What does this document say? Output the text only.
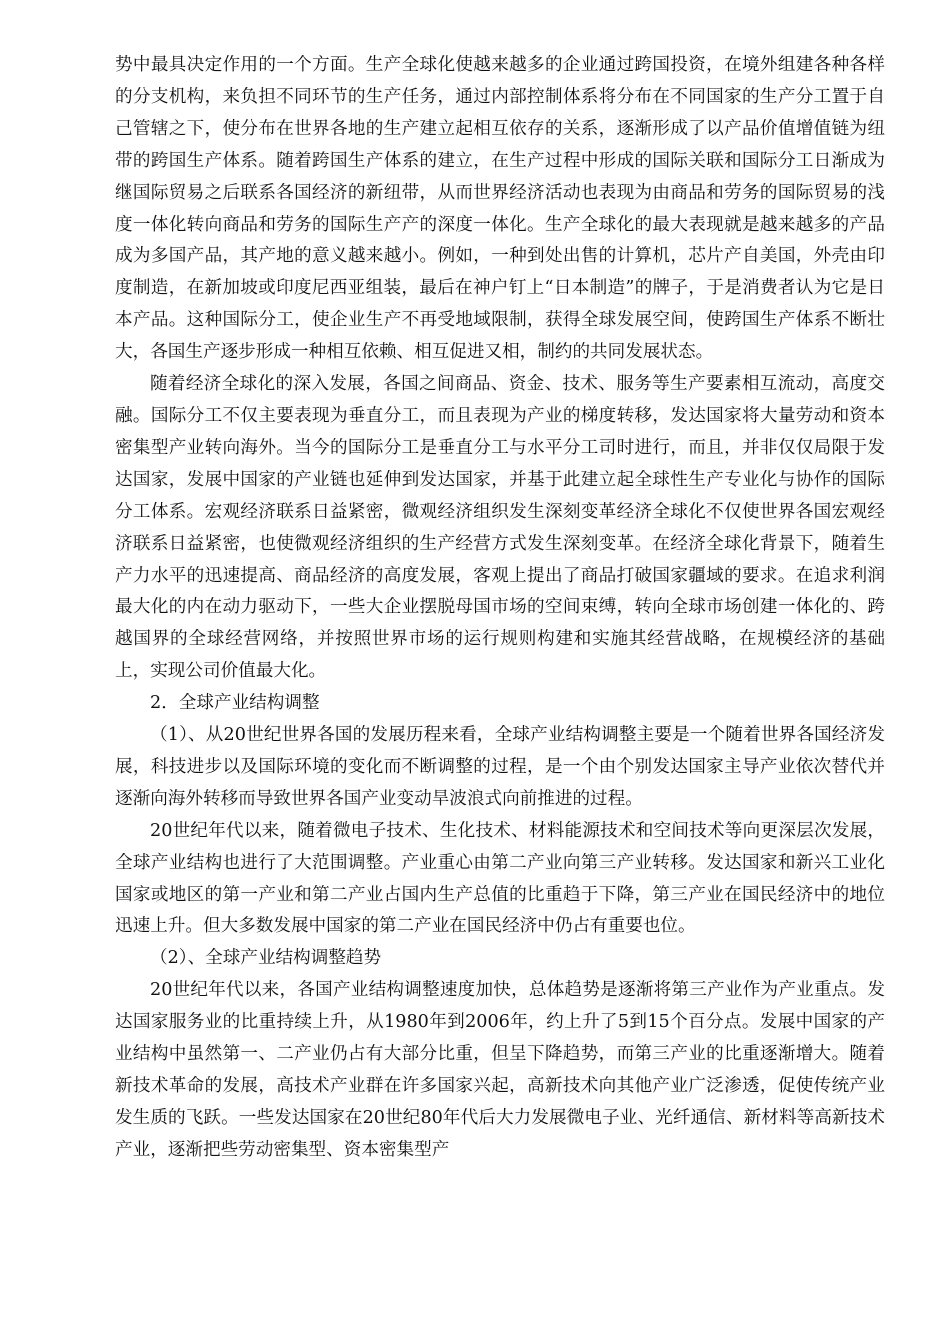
势中最具决定作用的一个方面。生产全球化使越来越多的企业通过跨国投资，在境外组建各种各样的分支机构，来负担不同环节的生产任务，通过内部控制体系将分布在不同国家的生产分工置于自己管辖之下，使分布在世界各地的生产建立起相互依存的关系，逐渐形成了以产品价值增值链为纽带的跨国生产体系。随着跨国生产体系的建立，在生产过程中形成的国际关联和国际分工日渐成为继国际贸易之后联系各国经济的新纽带，从而世界经济活动也表现为由商品和劳务的国际贸易的浅度一体化转向商品和劳务的国际生产产的深度一体化。生产全球化的最大表现就是越来越多的产品成为多国产品，其产地的意义越来越小。例如，一种到处出售的计算机，芯片产自美国，外壳由印度制造，在新加坡或印度尼西亚组装，最后在神户钉上“日本制造”的牌子，于是消费者认为它是日本产品。这种国际分工，使企业生产不再受地域限制，获得全球发展空间，使跨国生产体系不断壮大，各国生产逐步形成一种相互依赖、相互促进又相，制约的共同发展状态。

随着经济全球化的深入发展，各国之间商品、资金、技术、服务等生产要素相互流动，高度交融。国际分工不仅主要表现为垂直分工，而且表现为产业的梯度转移，发达国家将大量劳动和资本密集型产业转向海外。当今的国际分工是垂直分工与水平分工司时进行，而且，并非仅仅局限于发达国家，发展中国家的产业链也延伸到发达国家，并基于此建立起全球性生产专业化与协作的国际分工体系。宏观经济联系日益紧密，微观经济组织发生深刻变革经济全球化不仅使世界各国宏观经济联系日益紧密，也使微观经济组织的生产经营方式发生深刻变革。在经济全球化背景下，随着生产力水平的迅速提高、商品经济的高度发展，客观上提出了商品打破国家疆域的要求。在追求利润最大化的内在动力驱动下，一些大企业摆脱母国市场的空间束缚，转向全球市场创建一体化的、跨越国界的全球经营网络，并按照世界市场的运行规则构建和实施其经营战略，在规模经济的基础上，实现公司价值最大化。

2．全球产业结构调整

（1）、从20世纪世界各国的发展历程来看，全球产业结构调整主要是一个随着世界各国经济发展，科技进步以及国际环境的变化而不断调整的过程，是一个由个别发达国家主导产业依次替代并逐渐向海外转移而导致世界各国产业变动旱波浪式向前推进的过程。

20世纪年代以来，随着微电子技术、生化技术、材料能源技术和空间技术等向更深层次发展，全球产业结构也进行了大范围调整。产业重心由第二产业向第三产业转移。发达国家和新兴工业化国家或地区的第一产业和第二产业占国内生产总值的比重趋于下降，第三产业在国民经济中的地位迅速上升。但大多数发展中国家的第二产业在国民经济中仍占有重要也位。

（2）、全球产业结构调整趋势

20世纪年代以来，各国产业结构调整速度加快，总体趋势是逐渐将第三产业作为产业重点。发达国家服务业的比重持续上升，从1980年到2006年，约上升了5到15个百分点。发展中国家的产业结构中虽然第一、二产业仍占有大部分比重，但呈下降趋势，而第三产业的比重逐渐增大。随着新技术革命的发展，高技术产业群在许多国家兴起，高新技术向其他产业广泛渗透，促使传统产业发生质的飞跃。一些发达国家在20世纪80年代后大力发展微电子业、光纤通信、新材料等高新技术产业，逐渐把些劳动密集型、资本密集型产
